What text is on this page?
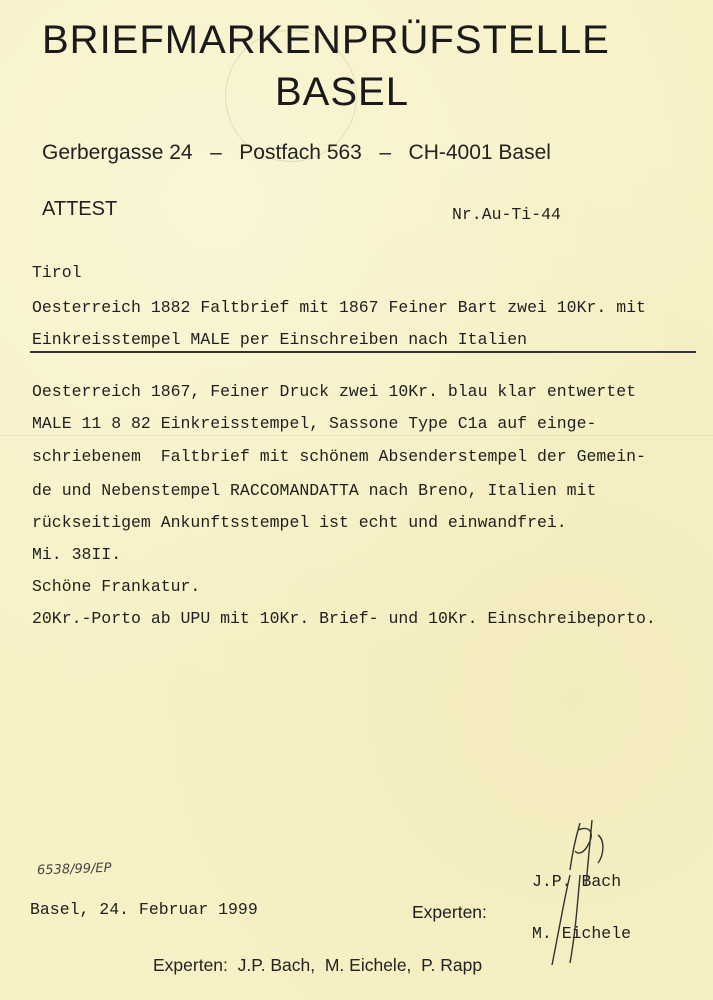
BRIEFMARKENPRÜFSTELLE
BASEL
Gerbergasse 24   –   Postfach 563   –   CH-4001 Basel
ATTEST	Nr.Au-Ti-44
Tirol
Oesterreich 1882 Faltbrief mit 1867 Feiner Bart zwei 10Kr. mit
Einkreisstempel MALE per Einschreiben nach Italien
Oesterreich 1867, Feiner Druck zwei 10Kr. blau klar entwertet
MALE 11 8 82 Einkreisstempel, Sassone Type C1a auf einge-
schriebenem  Faltbrief mit schönem Absenderstempel der Gemein-
de und Nebenstempel RACCOMANDATTA nach Breno, Italien mit
rückseitigem Ankunftsstempel ist echt und einwandfrei.
Mi. 38II.
Schöne Frankatur.
20Kr.-Porto ab UPU mit 10Kr. Brief- und 10Kr. Einschreibeporto.
6538/99/EP
Basel, 24. Februar 1999	Experten:
J.P. Bach
M. Eichele
Experten:  J.P. Bach,  M. Eichele,  P. Rapp
